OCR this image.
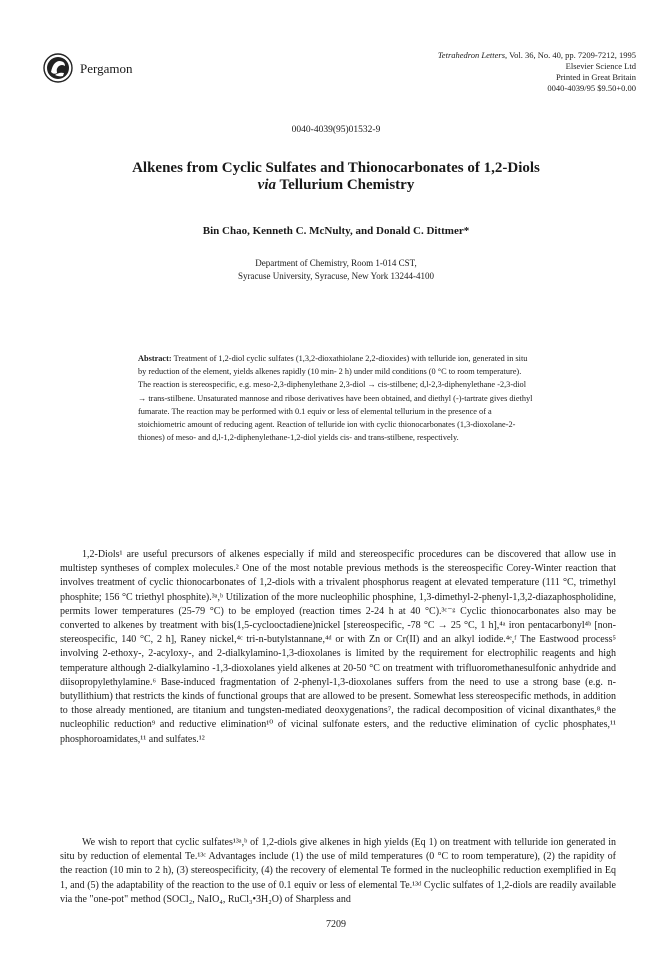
Pergamon
Tetrahedron Letters, Vol. 36, No. 40, pp. 7209-7212, 1995
Elsevier Science Ltd
Printed in Great Britain
0040-4039/95 $9.50+0.00
0040-4039(95)01532-9
Alkenes from Cyclic Sulfates and Thionocarbonates of 1,2-Diols
via Tellurium Chemistry
Bin Chao, Kenneth C. McNulty, and Donald C. Dittmer*
Department of Chemistry, Room 1-014 CST,
Syracuse University, Syracuse, New York 13244-4100
Abstract: Treatment of 1,2-diol cyclic sulfates (1,3,2-dioxathiolane 2,2-dioxides) with telluride ion, generated in situ by reduction of the element, yields alkenes rapidly (10 min- 2 h) under mild conditions (0 °C to room temperature). The reaction is stereospecific, e.g. meso-2,3-diphenylethane 2,3-diol → cis-stilbene; d,l-2,3-diphenylethane -2,3-diol → trans-stilbene. Unsaturated mannose and ribose derivatives have been obtained, and diethyl (-)-tartrate gives diethyl fumarate. The reaction may be performed with 0.1 equiv or less of elemental tellurium in the presence of a stoichiometric amount of reducing agent. Reaction of telluride ion with cyclic thionocarbonates (1,3-dioxolane-2-thiones) of meso- and d,l-1,2-diphenylethane-1,2-diol yields cis- and trans-stilbene, respectively.

1,2-Diols¹ are useful precursors of alkenes especially if mild and stereospecific procedures can be discovered that allow use in multistep syntheses of complex molecules.² One of the most notable previous methods is the stereospecific Corey-Winter reaction that involves treatment of cyclic thionocarbonates of 1,2-diols with a trivalent phosphorus reagent at elevated temperature (111 °C, trimethyl phosphite; 156 °C triethyl phosphite).³ᵃ,ᵇ Utilization of the more nucleophilic phosphine, 1,3-dimethyl-2-phenyl-1,3,2-diazaphospholidine, permits lower temperatures (25-79 °C) to be employed (reaction times 2-24 h at 40 °C).³ᶜ⁻ᵍ Cyclic thionocarbonates also may be converted to alkenes by treatment with bis(1,5-cyclooctadiene)nickel [stereospecific, -78 °C → 25 °C, 1 h],⁴ᵃ iron pentacarbonyl⁴ᵇ [non-stereospecific, 140 °C, 2 h], Raney nickel,⁴ᶜ tri-n-butylstannane,⁴ᵈ or with Zn or Cr(II) and an alkyl iodide.⁴ᵉ,ᶠ The Eastwood process⁵ involving 2-ethoxy-, 2-acyloxy-, and 2-dialkylamino-1,3-dioxolanes is limited by the requirement for electrophilic reagents and high temperature although 2-dialkylamino -1,3-dioxolanes yield alkenes at 20-50 °C on treatment with trifluoromethanesulfonic anhydride and diisopropylethylamine.⁶ Base-induced fragmentation of 2-phenyl-1,3-dioxolanes suffers from the need to use a strong base (e.g. n-butyllithium) that restricts the kinds of functional groups that are allowed to be present. Somewhat less stereospecific methods, in addition to those already mentioned, are titanium and tungsten-mediated deoxygenations⁷, the radical decomposition of vicinal dixanthates,⁸ the nucleophilic reduction⁹ and reductive elimination¹⁰ of vicinal sulfonate esters, and the reductive elimination of cyclic phosphates,¹¹ phosphoroamidates,¹¹ and sulfates.¹²

We wish to report that cyclic sulfates¹³ᵃ,ᵇ of 1,2-diols give alkenes in high yields (Eq 1) on treatment with telluride ion generated in situ by reduction of elemental Te.¹³ᶜ Advantages include (1) the use of mild temperatures (0 °C to room temperature), (2) the rapidity of the reaction (10 min to 2 h), (3) stereospecificity, (4) the recovery of elemental Te formed in the nucleophilic reduction exemplified in Eq 1, and (5) the adaptability of the reaction to the use of 0.1 equiv or less of elemental Te.¹³ᵈ Cyclic sulfates of 1,2-diols are readily available via the "one-pot" method (SOCl₂, NaIO₄, RuCl₃•3H₂O) of Sharpless and

7209
